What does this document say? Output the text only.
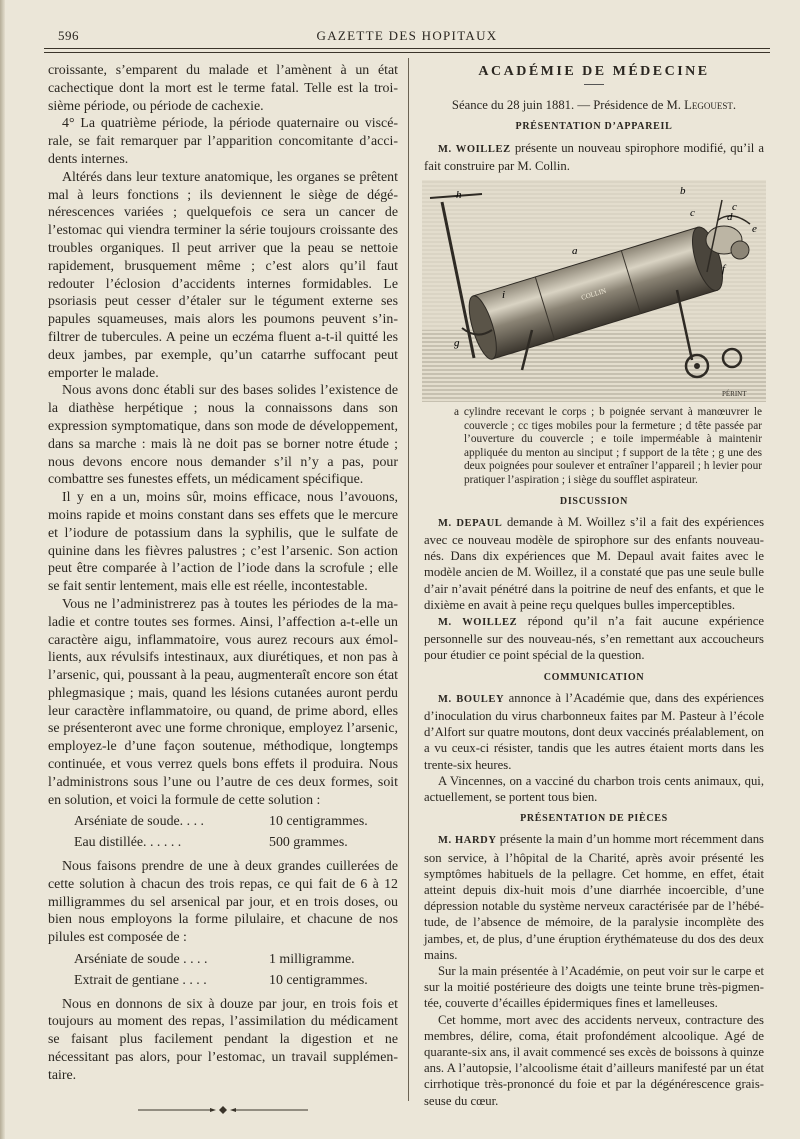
596	GAZETTE DES HOPITAUX

croissante, s’emparent du malade et l’amènent à un état cachectique dont la mort est le terme fatal. Telle est la troisième période, ou période de cachexie.

4° La quatrième période, la période quaternaire ou viscérale, se fait remarquer par l’apparition concomitante d’accidents internes.

Altérés dans leur texture anatomique, les organes se prêtent mal à leurs fonctions ; ils deviennent le siège de dégénérescences variées ; quelquefois ce sera un cancer de l’estomac qui viendra terminer la série toujours croissante des troubles organiques. Il peut arriver que la peau se nettoie rapidement, brusquement même ; c’est alors qu’il faut redouter l’éclosion d’accidents internes formidables. Le psoriasis peut cesser d’étaler sur le tégument externe ses papules squameuses, mais alors les poumons peuvent s’infiltrer de tubercules. A peine un eczéma fluent a-t-il quitté les deux jambes, par exemple, qu’un catarrhe suffocant peut emporter le malade.

Nous avons donc établi sur des bases solides l’existence de la diathèse herpétique ; nous la connaissons dans son expression symptomatique, dans son mode de développement, dans sa marche : mais là ne doit pas se borner notre étude ; nous devons encore nous demander s’il n’y a pas, pour combattre ses funestes effets, un médicament spécifique.

Il y en a un, moins sûr, moins efficace, nous l’avouons, moins rapide et moins constant dans ses effets que le mercure et l’iodure de potassium dans la syphilis, que le sulfate de quinine dans les fièvres palustres ; c’est l’arsenic. Son action peut être comparée à l’action de l’iode dans la scrofule ; elle se fait sentir lentement, mais elle est réelle, incontestable.

Vous ne l’administrerez pas à toutes les périodes de la maladie et contre toutes ses formes. Ainsi, l’affection a-t-elle un caractère aigu, inflammatoire, vous aurez recours aux émollients, aux révulsifs intestinaux, aux diurétiques, et non pas à l’arsenic, qui, poussant à la peau, augmenteraît encore son état phlegmasique ; mais, quand les lésions cutanées auront perdu leur caractère inflammatoire, ou quand, de prime abord, elles se présenteront avec une forme chronique, employez l’arsenic, employez-le d’une façon soutenue, méthodique, longtemps continuée, et vous verrez quels bons effets il produira. Nous l’administrons sous l’une ou l’autre de ces deux formes, soit en solution, et voici la formule de cette solution :

Arséniate de soude. . . .	10 centigrammes.
Eau distillée. . . . . .	500 grammes.

Nous faisons prendre de une à deux grandes cuillerées de cette solution à chacun des trois repas, ce qui fait de 6 à 12 milligrammes du sel arsenical par jour, et en trois doses, ou bien nous employons la forme pilulaire, et chacune de nos pilules est composée de :

Arséniate de soude . . . .	1 milligramme.
Extrait de gentiane . . . .	10 centigrammes.

Nous en donnons de six à douze par jour, en trois fois et toujours au moment des repas, l’assimilation du médicament se faisant plus facilement pendant la digestion et ne nécessitant pas alors, pour l’estomac, un travail supplémentaire.

ACADÉMIE DE MÉDECINE

Séance du 28 juin 1881. — Présidence de M. Legouest.

PRÉSENTATION D’APPAREIL

M. WOILLEZ présente un nouveau spirophore modifié, qu’il a fait construire par M. Collin.

h
a
i
g
b
c
e
d
f
c
COLLIN
PÉRINT

a cylindre recevant le corps ; b poignée servant à manœuvrer le couvercle ; cc tiges mobiles pour la fermeture ; d tête passée par l’ouverture du couvercle ; e toile imperméable à maintenir appliquée du menton au sinciput ; f support de la tête ; g une des deux poignées pour soulever et entraîner l’appareil ; h levier pour pratiquer l’aspiration ; i siège du soufflet aspirateur.

DISCUSSION

M. DEPAUL demande à M. Woillez s’il a fait des expériences avec ce nouveau modèle de spirophore sur des enfants nouveau-nés. Dans dix expériences que M. Depaul avait faites avec le modèle ancien de M. Woillez, il a constaté que pas une seule bulle d’air n’avait pénétré dans la poitrine de neuf des enfants, et que le dixième en avait à peine reçu quelques bulles imperceptibles.

M. WOILLEZ répond qu’il n’a fait aucune expérience personnelle sur des nouveau-nés, s’en remettant aux accoucheurs pour étudier ce point spécial de la question.

COMMUNICATION

M. BOULEY annonce à l’Académie que, dans des expériences d’inoculation du virus charbonneux faites par M. Pasteur à l’école d’Alfort sur quatre moutons, dont deux vaccinés préalablement, on a vu ceux-ci résister, tandis que les autres étaient morts dans les trente-six heures.

A Vincennes, on a vacciné du charbon trois cents animaux, qui, actuellement, se portent tous bien.

PRÉSENTATION DE PIÈCES

M. HARDY présente la main d’un homme mort récemment dans son service, à l’hôpital de la Charité, après avoir présenté les symptômes habituels de la pellagre. Cet homme, en effet, était atteint depuis dix-huit mois d’une diarrhée incoercible, d’une dépression notable du système nerveux caractérisée par de l’hébétude, de l’absence de mémoire, de la paralysie incomplète des jambes, et, de plus, d’une éruption érythémateuse du dos des deux mains.

Sur la main présentée à l’Académie, on peut voir sur le carpe et sur la moitié postérieure des doigts une teinte brune très-pigmentée, couverte d’écailles épidermiques fines et lamelleuses.

Cet homme, mort avec des accidents nerveux, contracture des membres, délire, coma, était profondément alcoolique. Agé de quarante-six ans, il avait commencé ses excès de boissons à quinze ans. A l’autopsie, l’alcoolisme était d’ailleurs manifesté par un état cirrhotique très-prononcé du foie et par la dégénérescence graisseuse du cœur.
